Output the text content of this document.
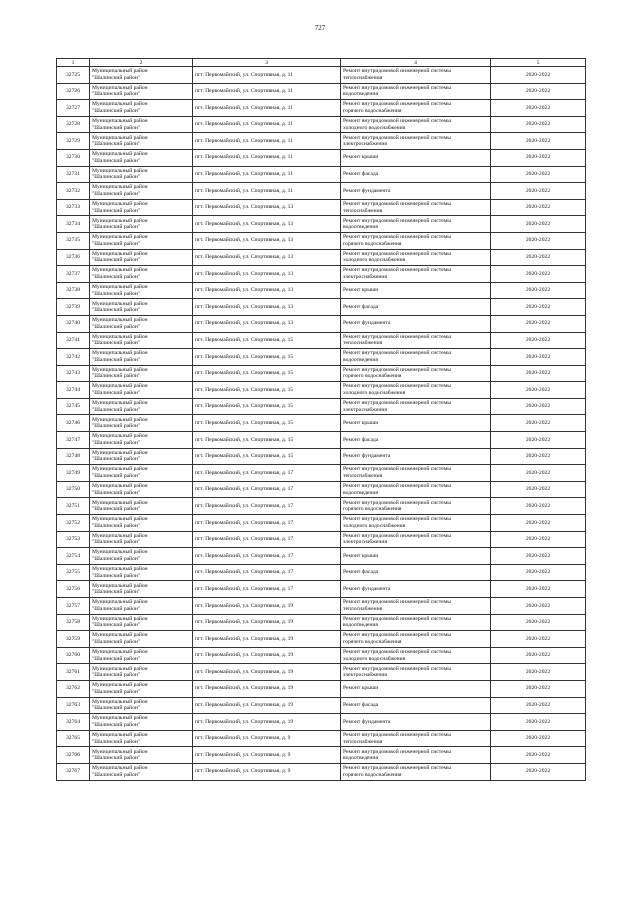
727
1	2	3	4	5
32725	Муниципальный район
"Шалинский район"	пгт. Первомайский, ул. Спортивная, д. 11	Ремонт внутридомовой инженерной системы
теплоснабжения	2020-2022
32726	Муниципальный район
"Шалинский район"	пгт. Первомайский, ул. Спортивная, д. 11	Ремонт внутридомовой инженерной системы
водоотведения	2020-2022
32727	Муниципальный район
"Шалинский район"	пгт. Первомайский, ул. Спортивная, д. 11	Ремонт внутридомовой инженерной системы
горячего водоснабжения	2020-2022
32728	Муниципальный район
"Шалинский район"	пгт. Первомайский, ул. Спортивная, д. 11	Ремонт внутридомовой инженерной системы
холодного водоснабжения	2020-2022
32729	Муниципальный район
"Шалинский район"	пгт. Первомайский, ул. Спортивная, д. 11	Ремонт внутридомовой инженерной системы
электроснабжения	2020-2022
32730	Муниципальный район
"Шалинский район"	пгт. Первомайский, ул. Спортивная, д. 11	Ремонт крыши	2020-2022
32731	Муниципальный район
"Шалинский район"	пгт. Первомайский, ул. Спортивная, д. 11	Ремонт фасада	2020-2022
32732	Муниципальный район
"Шалинский район"	пгт. Первомайский, ул. Спортивная, д. 11	Ремонт фундамента	2020-2022
32733	Муниципальный район
"Шалинский район"	пгт. Первомайский, ул. Спортивная, д. 13	Ремонт внутридомовой инженерной системы
теплоснабжения	2020-2022
32734	Муниципальный район
"Шалинский район"	пгт. Первомайский, ул. Спортивная, д. 13	Ремонт внутридомовой инженерной системы
водоотведения	2020-2022
32735	Муниципальный район
"Шалинский район"	пгт. Первомайский, ул. Спортивная, д. 13	Ремонт внутридомовой инженерной системы
горячего водоснабжения	2020-2022
32736	Муниципальный район
"Шалинский район"	пгт. Первомайский, ул. Спортивная, д. 13	Ремонт внутридомовой инженерной системы
холодного водоснабжения	2020-2022
32737	Муниципальный район
"Шалинский район"	пгт. Первомайский, ул. Спортивная, д. 13	Ремонт внутридомовой инженерной системы
электроснабжения	2020-2022
32738	Муниципальный район
"Шалинский район"	пгт. Первомайский, ул. Спортивная, д. 13	Ремонт крыши	2020-2022
32739	Муниципальный район
"Шалинский район"	пгт. Первомайский, ул. Спортивная, д. 13	Ремонт фасада	2020-2022
32740	Муниципальный район
"Шалинский район"	пгт. Первомайский, ул. Спортивная, д. 13	Ремонт фундамента	2020-2022
32741	Муниципальный район
"Шалинский район"	пгт. Первомайский, ул. Спортивная, д. 15	Ремонт внутридомовой инженерной системы
теплоснабжения	2020-2022
32742	Муниципальный район
"Шалинский район"	пгт. Первомайский, ул. Спортивная, д. 15	Ремонт внутридомовой инженерной системы
водоотведения	2020-2022
32743	Муниципальный район
"Шалинский район"	пгт. Первомайский, ул. Спортивная, д. 15	Ремонт внутридомовой инженерной системы
горячего водоснабжения	2020-2022
32744	Муниципальный район
"Шалинский район"	пгт. Первомайский, ул. Спортивная, д. 15	Ремонт внутридомовой инженерной системы
холодного водоснабжения	2020-2022
32745	Муниципальный район
"Шалинский район"	пгт. Первомайский, ул. Спортивная, д. 15	Ремонт внутридомовой инженерной системы
электроснабжения	2020-2022
32746	Муниципальный район
"Шалинский район"	пгт. Первомайский, ул. Спортивная, д. 15	Ремонт крыши	2020-2022
32747	Муниципальный район
"Шалинский район"	пгт. Первомайский, ул. Спортивная, д. 15	Ремонт фасада	2020-2022
32748	Муниципальный район
"Шалинский район"	пгт. Первомайский, ул. Спортивная, д. 15	Ремонт фундамента	2020-2022
32749	Муниципальный район
"Шалинский район"	пгт. Первомайский, ул. Спортивная, д. 17	Ремонт внутридомовой инженерной системы
теплоснабжения	2020-2022
32750	Муниципальный район
"Шалинский район"	пгт. Первомайский, ул. Спортивная, д. 17	Ремонт внутридомовой инженерной системы
водоотведения	2020-2022
32751	Муниципальный район
"Шалинский район"	пгт. Первомайский, ул. Спортивная, д. 17	Ремонт внутридомовой инженерной системы
горячего водоснабжения	2020-2022
32752	Муниципальный район
"Шалинский район"	пгт. Первомайский, ул. Спортивная, д. 17	Ремонт внутридомовой инженерной системы
холодного водоснабжения	2020-2022
32753	Муниципальный район
"Шалинский район"	пгт. Первомайский, ул. Спортивная, д. 17	Ремонт внутридомовой инженерной системы
электроснабжения	2020-2022
32754	Муниципальный район
"Шалинский район"	пгт. Первомайский, ул. Спортивная, д. 17	Ремонт крыши	2020-2022
32755	Муниципальный район
"Шалинский район"	пгт. Первомайский, ул. Спортивная, д. 17	Ремонт фасада	2020-2022
32756	Муниципальный район
"Шалинский район"	пгт. Первомайский, ул. Спортивная, д. 17	Ремонт фундамента	2020-2022
32757	Муниципальный район
"Шалинский район"	пгт. Первомайский, ул. Спортивная, д. 19	Ремонт внутридомовой инженерной системы
теплоснабжения	2020-2022
32758	Муниципальный район
"Шалинский район"	пгт. Первомайский, ул. Спортивная, д. 19	Ремонт внутридомовой инженерной системы
водоотведения	2020-2022
32759	Муниципальный район
"Шалинский район"	пгт. Первомайский, ул. Спортивная, д. 19	Ремонт внутридомовой инженерной системы
горячего водоснабжения	2020-2022
32760	Муниципальный район
"Шалинский район"	пгт. Первомайский, ул. Спортивная, д. 19	Ремонт внутридомовой инженерной системы
холодного водоснабжения	2020-2022
32761	Муниципальный район
"Шалинский район"	пгт. Первомайский, ул. Спортивная, д. 19	Ремонт внутридомовой инженерной системы
электроснабжения	2020-2022
32762	Муниципальный район
"Шалинский район"	пгт. Первомайский, ул. Спортивная, д. 19	Ремонт крыши	2020-2022
32763	Муниципальный район
"Шалинский район"	пгт. Первомайский, ул. Спортивная, д. 19	Ремонт фасада	2020-2022
32764	Муниципальный район
"Шалинский район"	пгт. Первомайский, ул. Спортивная, д. 19	Ремонт фундамента	2020-2022
32765	Муниципальный район
"Шалинский район"	пгт. Первомайский, ул. Спортивная, д. 9	Ремонт внутридомовой инженерной системы
теплоснабжения	2020-2022
32766	Муниципальный район
"Шалинский район"	пгт. Первомайский, ул. Спортивная, д. 9	Ремонт внутридомовой инженерной системы
водоотведения	2020-2022
32767	Муниципальный район
"Шалинский район"	пгт. Первомайский, ул. Спортивная, д. 9	Ремонт внутридомовой инженерной системы
горячего водоснабжения	2020-2022
